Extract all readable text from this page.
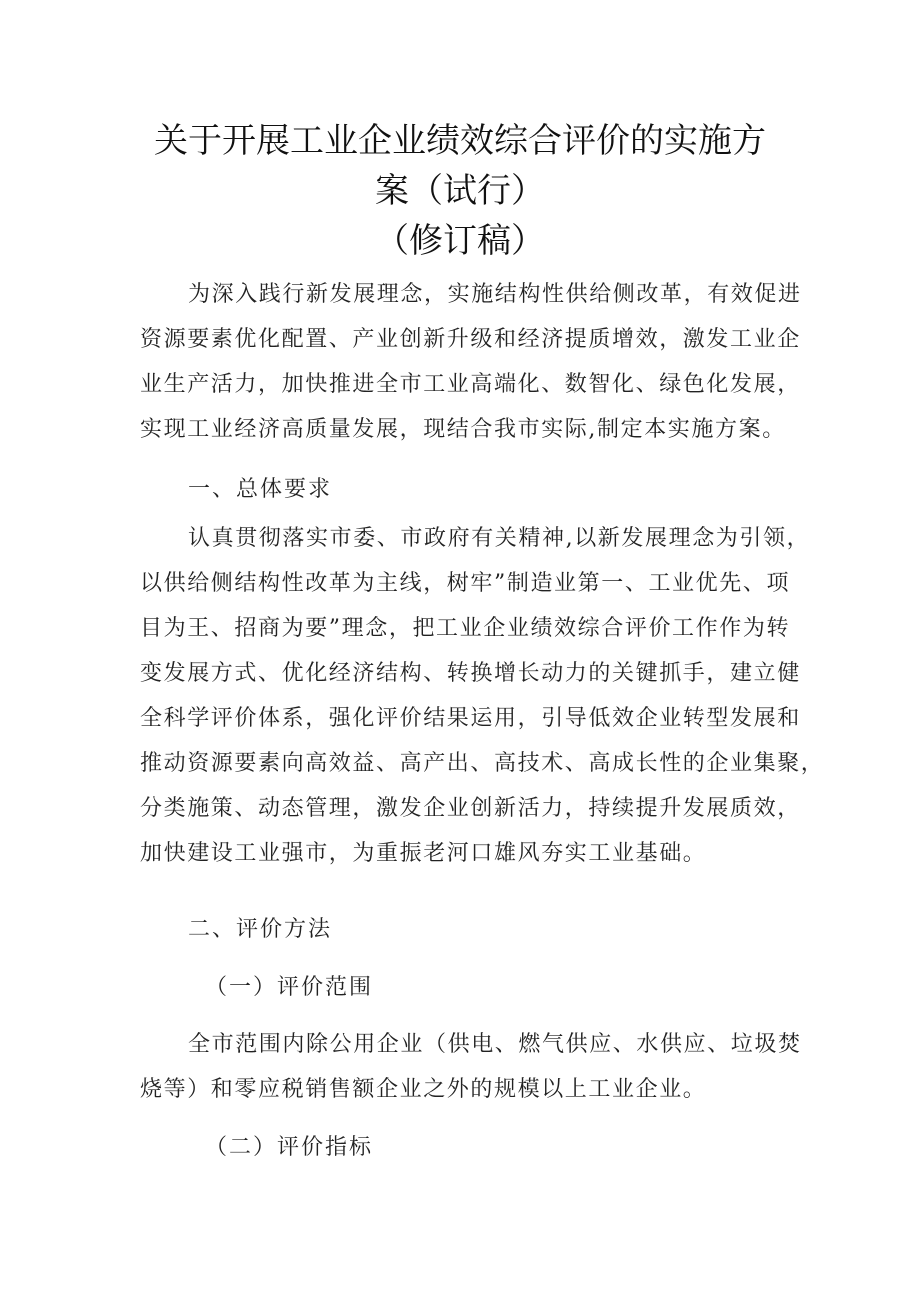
关于开展工业企业绩效综合评价的实施方
案（试行）
（修订稿）
为深入践行新发展理念，实施结构性供给侧改革，有效促进
资源要素优化配置、产业创新升级和经济提质增效，激发工业企
业生产活力，加快推进全市工业高端化、数智化、绿色化发展，
实现工业经济高质量发展，现结合我市实际,制定本实施方案。
一、总体要求
认真贯彻落实市委、市政府有关精神,以新发展理念为引领，
以供给侧结构性改革为主线，树牢”制造业第一、工业优先、项
目为王、招商为要”理念，把工业企业绩效综合评价工作作为转
变发展方式、优化经济结构、转换增长动力的关键抓手，建立健
全科学评价体系，强化评价结果运用，引导低效企业转型发展和
推动资源要素向高效益、高产出、高技术、高成长性的企业集聚，
分类施策、动态管理，激发企业创新活力，持续提升发展质效，
加快建设工业强市，为重振老河口雄风夯实工业基础。
二、评价方法
（一）评价范围
全市范围内除公用企业（供电、燃气供应、水供应、垃圾焚
烧等）和零应税销售额企业之外的规模以上工业企业。
（二）评价指标
